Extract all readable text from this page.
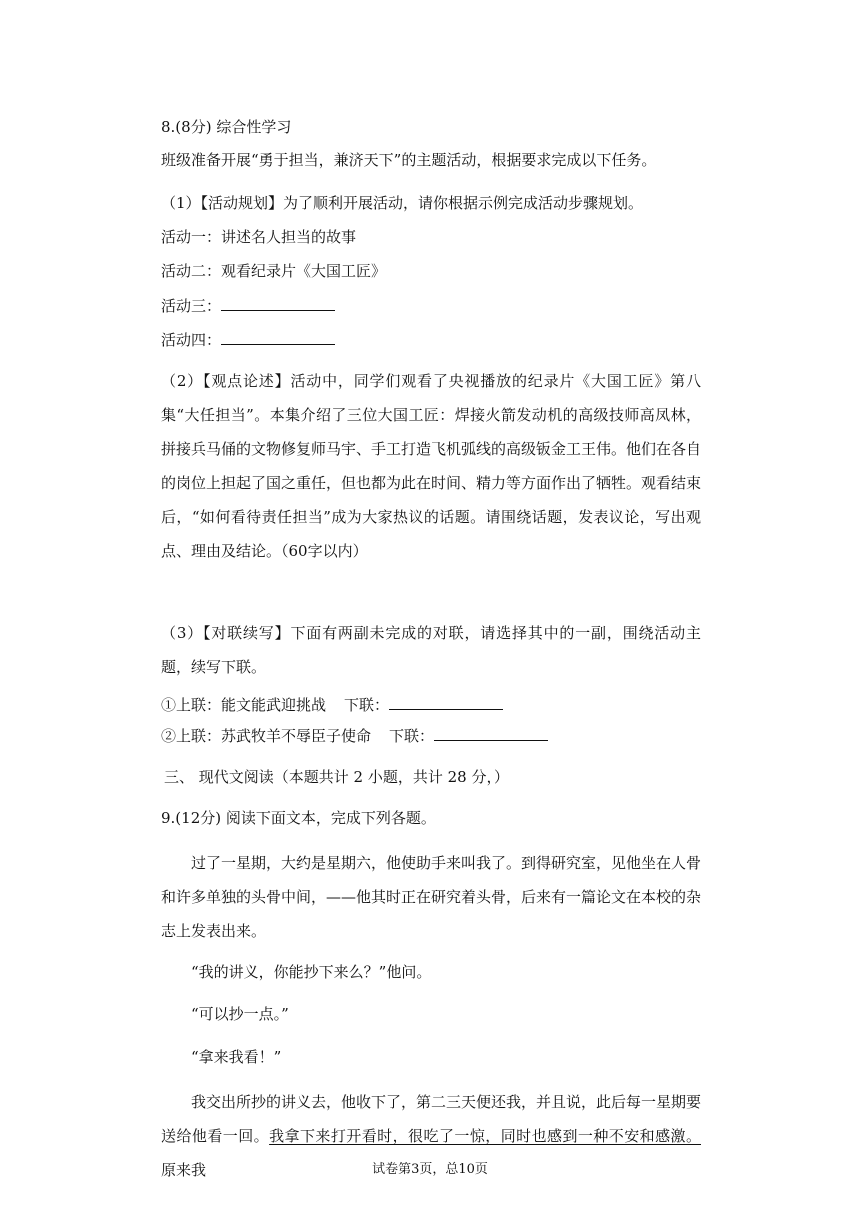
8.(8分) 综合性学习
班级准备开展“勇于担当，兼济天下”的主题活动，根据要求完成以下任务。
（1）【活动规划】为了顺利开展活动，请你根据示例完成活动步骤规划。
活动一：讲述名人担当的故事
活动二：观看纪录片《大国工匠》
活动三：
活动四：
（2）【观点论述】活动中，同学们观看了央视播放的纪录片《大国工匠》第八集“大任担当”。本集介绍了三位大国工匠：焊接火箭发动机的高级技师高凤林，拼接兵马俑的文物修复师马宇、手工打造飞机弧线的高级钣金工王伟。他们在各自的岗位上担起了国之重任，但也都为此在时间、精力等方面作出了牺牲。观看结束后，“如何看待责任担当”成为大家热议的话题。请围绕话题，发表议论，写出观点、理由及结论。（60字以内）
（3）【对联续写】下面有两副未完成的对联，请选择其中的一副，围绕活动主题，续写下联。
①上联：能文能武迎挑战 下联：
②上联：苏武牧羊不辱臣子使命 下联：
三、 现代文阅读（本题共计 2 小题，共计 28 分，）
9.(12分) 阅读下面文本，完成下列各题。
过了一星期，大约是星期六，他使助手来叫我了。到得研究室，见他坐在人骨和许多单独的头骨中间，——他其时正在研究着头骨，后来有一篇论文在本校的杂志上发表出来。
“我的讲义，你能抄下来么？”他问。
“可以抄一点。”
“拿来我看！”
我交出所抄的讲义去，他收下了，第二三天便还我，并且说，此后每一星期要送给他看一回。我拿下来打开看时，很吃了一惊，同时也感到一种不安和感激。原来我	试卷第3页，总10页
